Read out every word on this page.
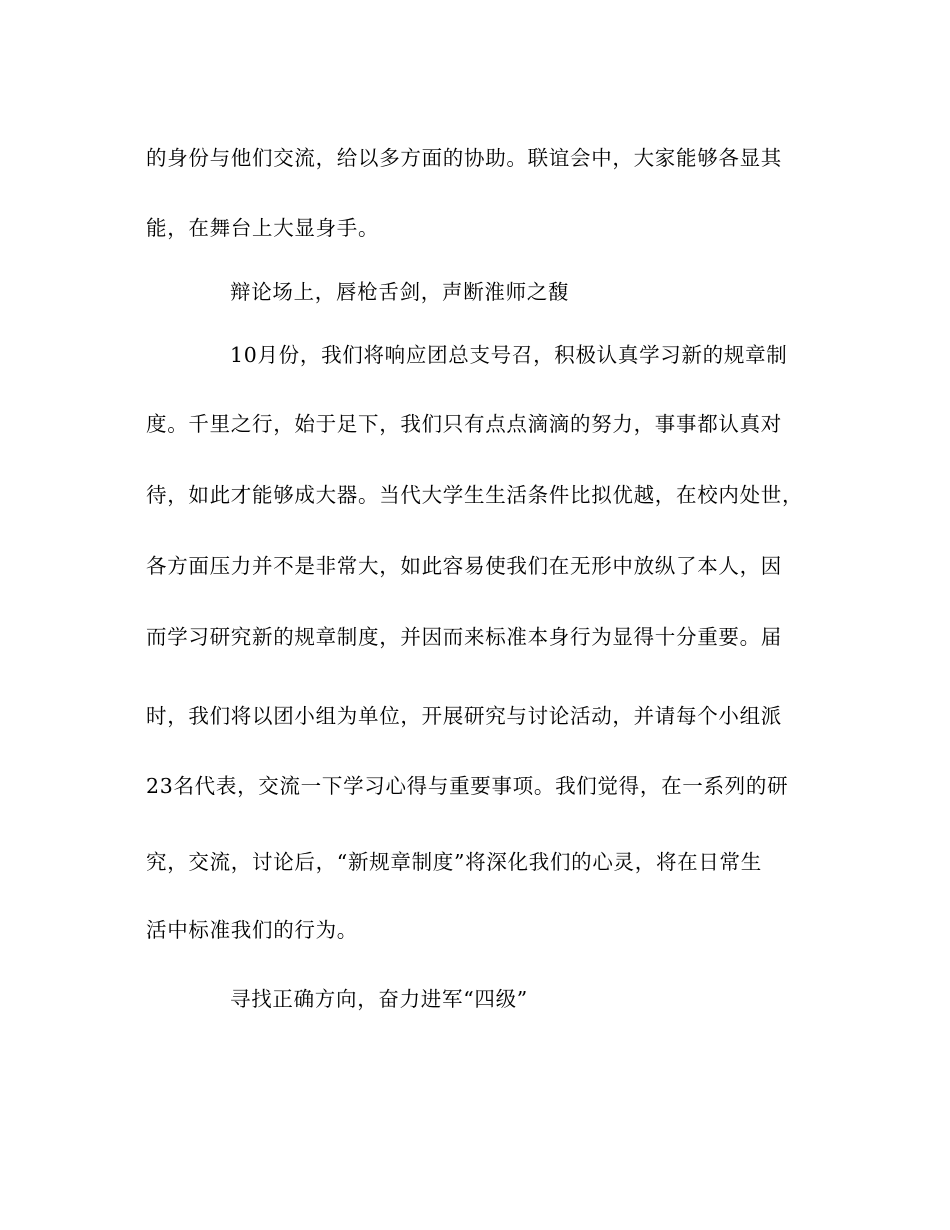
的身份与他们交流，给以多方面的协助。联谊会中，大家能够各显其

能，在舞台上大显身手。

辩论场上，唇枪舌剑，声断淮师之馥

10月份，我们将响应团总支号召，积极认真学习新的规章制

度。千里之行，始于足下，我们只有点点滴滴的努力，事事都认真对

待，如此才能够成大器。当代大学生生活条件比拟优越，在校内处世，

各方面压力并不是非常大，如此容易使我们在无形中放纵了本人，因

而学习研究新的规章制度，并因而来标准本身行为显得十分重要。届

时，我们将以团小组为单位，开展研究与讨论活动，并请每个小组派

23名代表，交流一下学习心得与重要事项。我们觉得，在一系列的研

究，交流，讨论后，“新规章制度”将深化我们的心灵，将在日常生

活中标准我们的行为。

寻找正确方向，奋力进军“四级”
